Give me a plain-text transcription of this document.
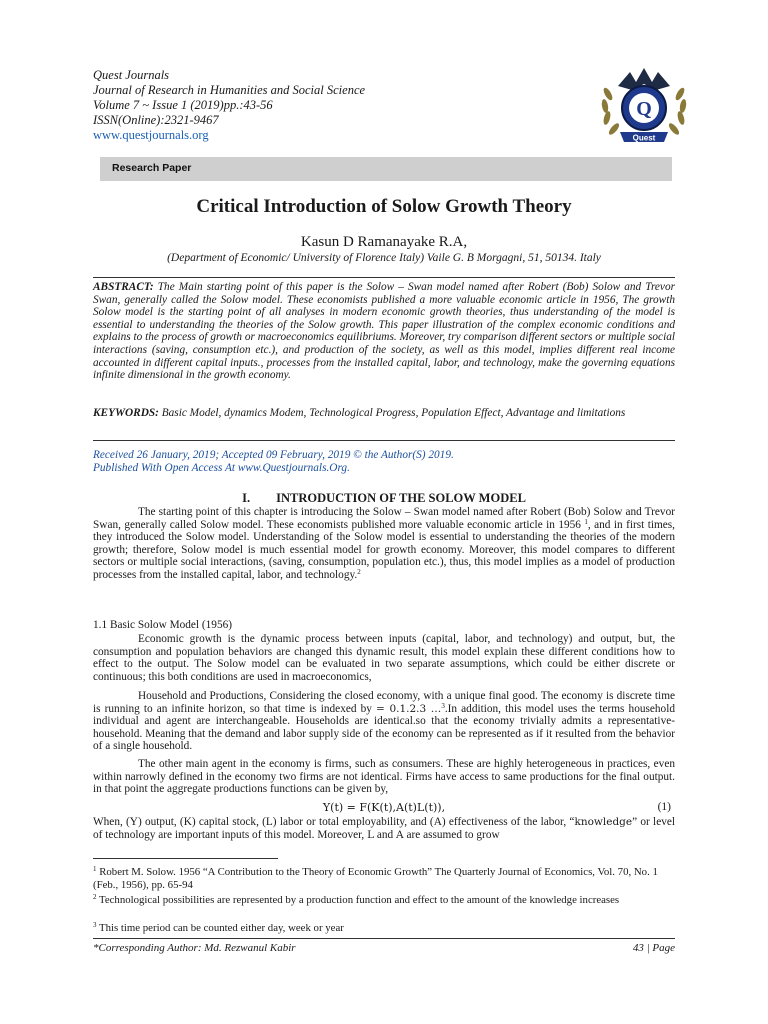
Quest Journals
Journal of Research in Humanities and Social Science
Volume 7 ~ Issue 1 (2019)pp.:43-56
ISSN(Online):2321-9467
www.questjournals.org
Q
Quest
Research Paper
Critical Introduction of Solow Growth Theory
Kasun D Ramanayake R.A,
(Department of Economic/ University of Florence Italy) Vaile G. B Morgagni, 51, 50134. Italy
ABSTRACT: The Main starting point of this paper is the Solow – Swan model named after Robert (Bob) Solow and Trevor Swan, generally called the Solow model. These economists published a more valuable economic article in 1956, The growth Solow model is the starting point of all analyses in modern economic growth theories, thus understanding of the model is essential to understanding the theories of the Solow growth. This paper illustration of the complex economic conditions and explains to the process of growth or macroeconomics equilibriums. Moreover, try comparison different sectors or multiple social interactions (saving, consumption etc.), and production of the society, as well as this model, implies different real income accounted in different capital inputs., processes from the installed capital, labor, and technology, make the governing equations infinite dimensional in the growth economy.
KEYWORDS: Basic Model, dynamics Modem, Technological Progress, Population Effect, Advantage and limitations
Received 26 January, 2019; Accepted 09 February, 2019 © the Author(S) 2019.
Published With Open Access At www.Questjournals.Org.
I. INTRODUCTION OF THE SOLOW MODEL
The starting point of this chapter is introducing the Solow – Swan model named after Robert (Bob) Solow and Trevor Swan, generally called Solow model. These economists published more valuable economic article in 1956 $^1$, and in first times, they introduced the Solow model. Understanding of the Solow model is essential to understanding the theories of the modern growth; therefore, Solow model is much essential model for growth economy. Moreover, this model compares to different sectors or multiple social interactions, (saving, consumption, population etc.), thus, this model implies as a model of production processes from the installed capital, labor, and technology.$^2$
1.1 Basic Solow Model (1956)
Economic growth is the dynamic process between inputs (capital, labor, and technology) and output, but, the consumption and population behaviors are changed this dynamic result, this model explain these different conditions how to effect to the output. The Solow model can be evaluated in two separate assumptions, which could be either discrete or continuous; this both conditions are used in macroeconomics,
Household and Productions, Considering the closed economy, with a unique final good. The economy is discrete time is running to an infinite horizon, so that time is indexed by = 0.1.2.3 …$^3$.In addition, this model uses the terms household individual and agent are interchangeable. Households are identical.so that the economy trivially admits a representative-household. Meaning that the demand and labor supply side of the economy can be represented as if it resulted from the behavior of a single household.
The other main agent in the economy is firms, such as consumers. These are highly heterogeneous in practices, even within narrowly defined in the economy two firms are not identical. Firms have access to same productions for the final output. in that point the aggregate productions functions can be given by,
Y(t) = F(K(t),A(t)L(t)),	(1)
When, (Y) output, (K) capital stock, (L) labor or total employability, and (A) effectiveness of the labor, “knowledge” or level of technology are important inputs of this model. Moreover, L and A are assumed to grow
$^1$ Robert M. Solow. 1956 “A Contribution to the Theory of Economic Growth” The Quarterly Journal of Economics, Vol. 70, No. 1 (Feb., 1956), pp. 65-94
$^2$ Technological possibilities are represented by a production function and effect to the amount of the knowledge increases
$^3$ This time period can be counted either day, week or year
*Corresponding Author: Md. Rezwanul Kabir	43 | Page
